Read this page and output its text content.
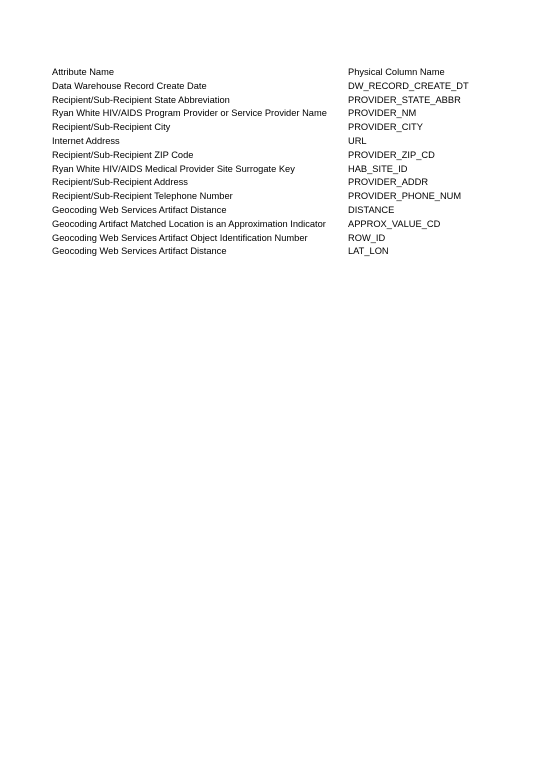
Attribute Name	Physical Column Name
Data Warehouse Record Create Date	DW_RECORD_CREATE_DT
Recipient/Sub-Recipient State Abbreviation	PROVIDER_STATE_ABBR
Ryan White HIV/AIDS Program Provider or Service Provider Name	PROVIDER_NM
Recipient/Sub-Recipient City	PROVIDER_CITY
Internet Address	URL
Recipient/Sub-Recipient ZIP Code	PROVIDER_ZIP_CD
Ryan White HIV/AIDS Medical Provider Site Surrogate Key	HAB_SITE_ID
Recipient/Sub-Recipient Address	PROVIDER_ADDR
Recipient/Sub-Recipient Telephone Number	PROVIDER_PHONE_NUM
Geocoding Web Services Artifact Distance	DISTANCE
Geocoding Artifact Matched Location is an Approximation Indicator	APPROX_VALUE_CD
Geocoding Web Services Artifact Object Identification Number	ROW_ID
Geocoding Web Services Artifact Distance	LAT_LON
